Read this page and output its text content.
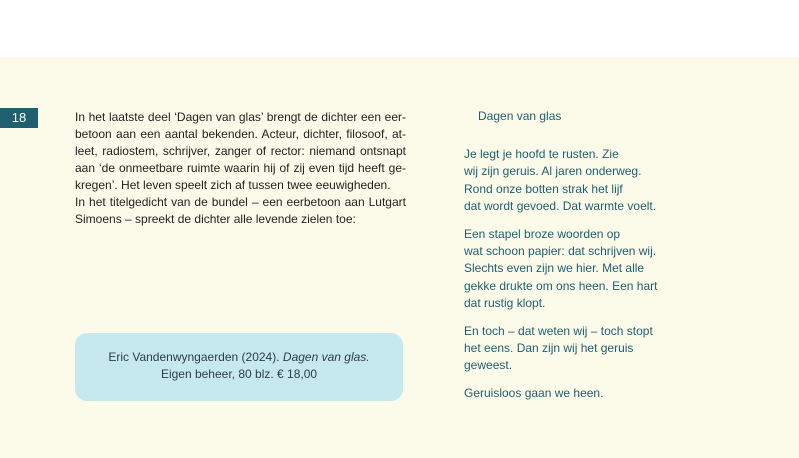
18	In het laatste deel ‘Dagen van glas’ brengt de dichter een eer- betoon aan een aantal bekenden. Acteur, dichter, filosoof, at- leet, radiostem, schrijver, zanger of rector: niemand ontsnapt aan ‘de onmeetbare ruimte waarin hij of zij even tijd heeft ge- kregen’. Het leven speelt zich af tussen twee eeuwigheden.

In het titelgedicht van de bundel – een eerbetoon aan Lutgart Simoens – spreekt de dichter alle levende zielen toe:

Eric Vandenwyngaerden (2024). Dagen van glas.
Eigen beheer, 80 blz. € 18,00
Dagen van glas
Je legt je hoofd te rusten. Zie
wij zijn geruis. Al jaren onderweg.
Rond onze botten strak het lijf
dat wordt gevoed. Dat warmte voelt.
Een stapel broze woorden op
wat schoon papier: dat schrijven wij.
Slechts even zijn we hier. Met alle
gekke drukte om ons heen. Een hart
dat rustig klopt.
En toch – dat weten wij – toch stopt
het eens. Dan zijn wij het geruis
geweest.
Geruisloos gaan we heen.
